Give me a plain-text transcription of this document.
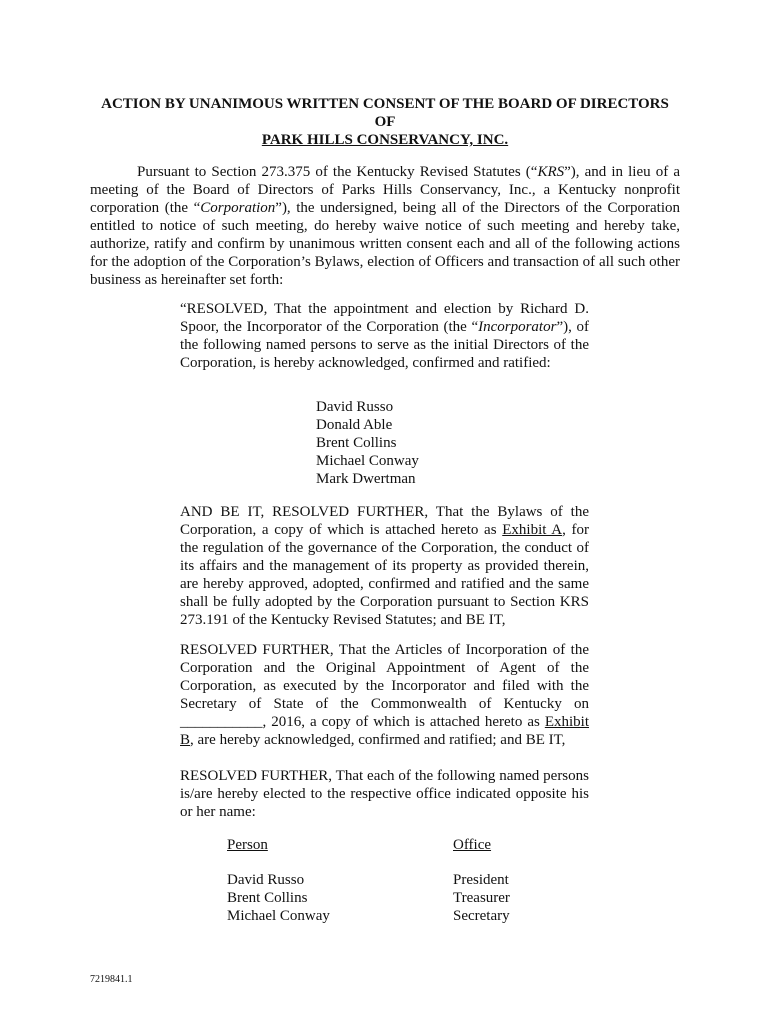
ACTION BY UNANIMOUS WRITTEN CONSENT OF THE BOARD OF DIRECTORS
OF
PARK HILLS CONSERVANCY, INC.

Pursuant to Section 273.375 of the Kentucky Revised Statutes (“KRS”), and in lieu of a meeting of the Board of Directors of Parks Hills Conservancy, Inc., a Kentucky nonprofit corporation (the “Corporation”), the undersigned, being all of the Directors of the Corporation entitled to notice of such meeting, do hereby waive notice of such meeting and hereby take, authorize, ratify and confirm by unanimous written consent each and all of the following actions for the adoption of the Corporation’s Bylaws, election of Officers and transaction of all such other business as hereinafter set forth:

“RESOLVED, That the appointment and election by Richard D. Spoor, the Incorporator of the Corporation (the “Incorporator”), of the following named persons to serve as the initial Directors of the Corporation, is hereby acknowledged, confirmed and ratified:

David Russo
Donald Able
Brent Collins
Michael Conway
Mark Dwertman

AND BE IT, RESOLVED FURTHER, That the Bylaws of the Corporation, a copy of which is attached hereto as Exhibit A, for the regulation of the governance of the Corporation, the conduct of its affairs and the management of its property as provided therein, are hereby approved, adopted, confirmed and ratified and the same shall be fully adopted by the Corporation pursuant to Section KRS 273.191 of the Kentucky Revised Statutes; and BE IT,

RESOLVED FURTHER, That the Articles of Incorporation of the Corporation and the Original Appointment of Agent of the Corporation, as executed by the Incorporator and filed with the Secretary of State of the Commonwealth of Kentucky on ___________, 2016, a copy of which is attached hereto as Exhibit B, are hereby acknowledged, confirmed and ratified; and BE IT,

RESOLVED FURTHER, That each of the following named persons is/are hereby elected to the respective office indicated opposite his or her name:

Person	Office
David Russo	President
Brent Collins	Treasurer
Michael Conway	Secretary
7219841.1
